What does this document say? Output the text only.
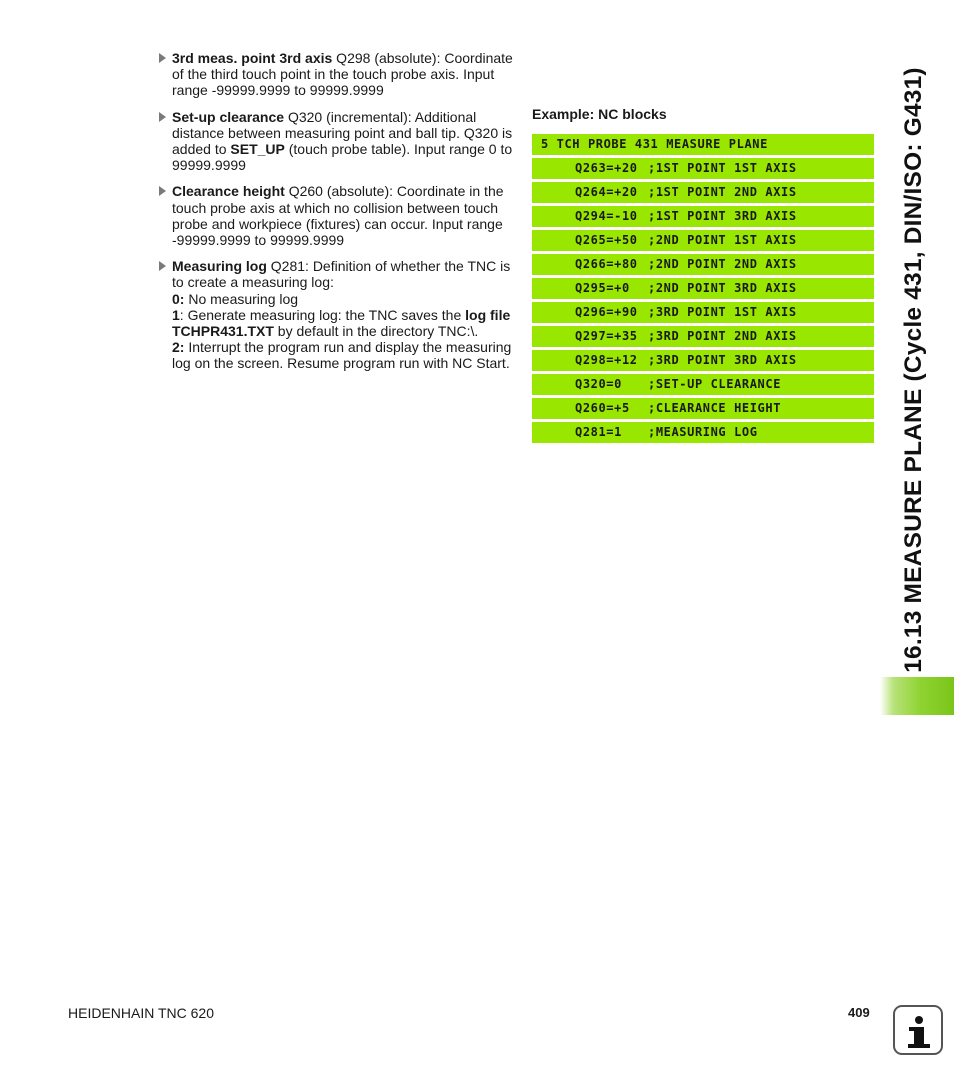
3rd meas. point 3rd axis Q298 (absolute): Coordinate of the third touch point in the touch probe axis. Input range -99999.9999 to 99999.9999

Set-up clearance Q320 (incremental): Additional distance between measuring point and ball tip. Q320 is added to SET_UP (touch probe table). Input range 0 to 99999.9999

Clearance height Q260 (absolute): Coordinate in the touch probe axis at which no collision between touch probe and workpiece (fixtures) can occur. Input range -99999.9999 to 99999.9999

Measuring log Q281: Definition of whether the TNC is to create a measuring log:

0: No measuring log

1: Generate measuring log: the TNC saves the log file TCHPR431.TXT by default in the directory TNC:\.

2: Interrupt the program run and display the measuring log on the screen. Resume program run with NC Start.

Example: NC blocks
5 TCH PROBE 431 MEASURE PLANE
Q263=+20 ;1ST POINT 1ST AXIS
Q264=+20 ;1ST POINT 2ND AXIS
Q294=-10 ;1ST POINT 3RD AXIS
Q265=+50 ;2ND POINT 1ST AXIS
Q266=+80 ;2ND POINT 2ND AXIS
Q295=+0 ;2ND POINT 3RD AXIS
Q296=+90 ;3RD POINT 1ST AXIS
Q297=+35 ;3RD POINT 2ND AXIS
Q298=+12 ;3RD POINT 3RD AXIS
Q320=0 ;SET-UP CLEARANCE
Q260=+5 ;CLEARANCE HEIGHT
Q281=1 ;MEASURING LOG	16.13 MEASURE PLANE (Cycle 431, DIN/ISO: G431)
HEIDENHAIN TNC 620	409
